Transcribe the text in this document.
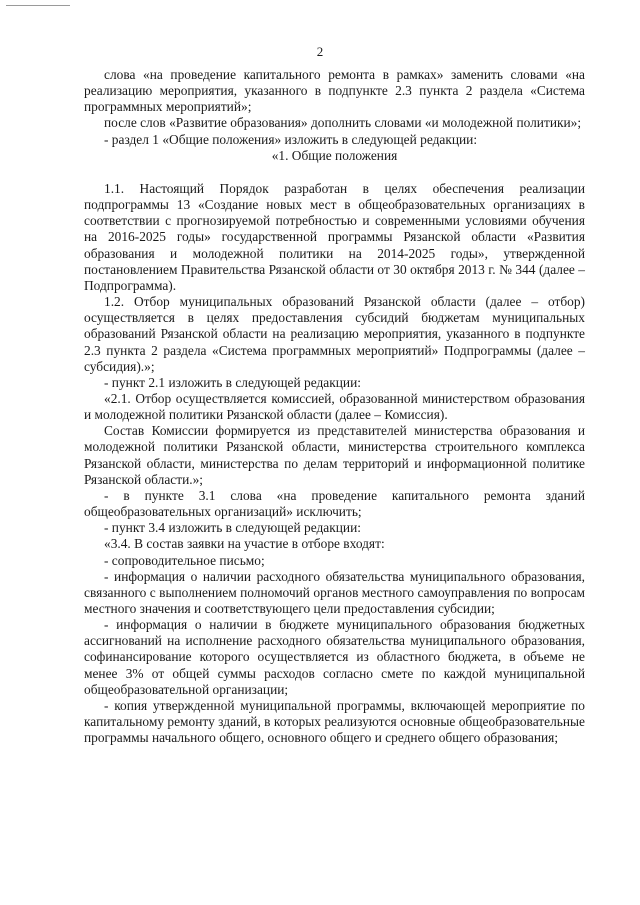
2

слова «на проведение капитального ремонта в рамках» заменить словами «на реализацию мероприятия, указанного в подпункте 2.3 пункта 2 раздела «Система программных мероприятий»;

после слов «Развитие образования» дополнить словами «и молодежной политики»;

- раздел 1 «Общие положения» изложить в следующей редакции:

«1. Общие положения

1.1. Настоящий Порядок разработан в целях обеспечения реализации подпрограммы 13 «Создание новых мест в общеобразовательных организациях в соответствии с прогнозируемой потребностью и современными условиями обучения на 2016-2025 годы» государственной программы Рязанской области «Развития образования и молодежной политики на 2014-2025 годы», утвержденной постановлением Правительства Рязанской области от 30 октября 2013 г. № 344 (далее – Подпрограмма).

1.2. Отбор муниципальных образований Рязанской области (далее – отбор) осуществляется в целях предоставления субсидий бюджетам муниципальных образований Рязанской области на реализацию мероприятия, указанного в подпункте 2.3 пункта 2 раздела «Система программных мероприятий» Подпрограммы (далее – субсидия).»;

- пункт 2.1 изложить в следующей редакции:

«2.1. Отбор осуществляется комиссией, образованной министерством образования и молодежной политики Рязанской области (далее – Комиссия).

Состав Комиссии формируется из представителей министерства образования и молодежной политики Рязанской области, министерства строительного комплекса Рязанской области, министерства по делам территорий и информационной политике Рязанской области.»;

- в пункте 3.1 слова «на проведение капитального ремонта зданий общеобразовательных организаций» исключить;

- пункт 3.4 изложить в следующей редакции:

«3.4. В состав заявки на участие в отборе входят:

- сопроводительное письмо;

- информация о наличии расходного обязательства муниципального образования, связанного с выполнением полномочий органов местного самоуправления по вопросам местного значения и соответствующего цели предоставления субсидии;

- информация о наличии в бюджете муниципального образования бюджетных ассигнований на исполнение расходного обязательства муниципального образования, софинансирование которого осуществляется из областного бюджета, в объеме не менее 3% от общей суммы расходов согласно смете по каждой муниципальной общеобразовательной организации;

- копия утвержденной муниципальной программы, включающей мероприятие по капитальному ремонту зданий, в которых реализуются основные общеобразовательные программы начального общего, основного общего и среднего общего образования;
